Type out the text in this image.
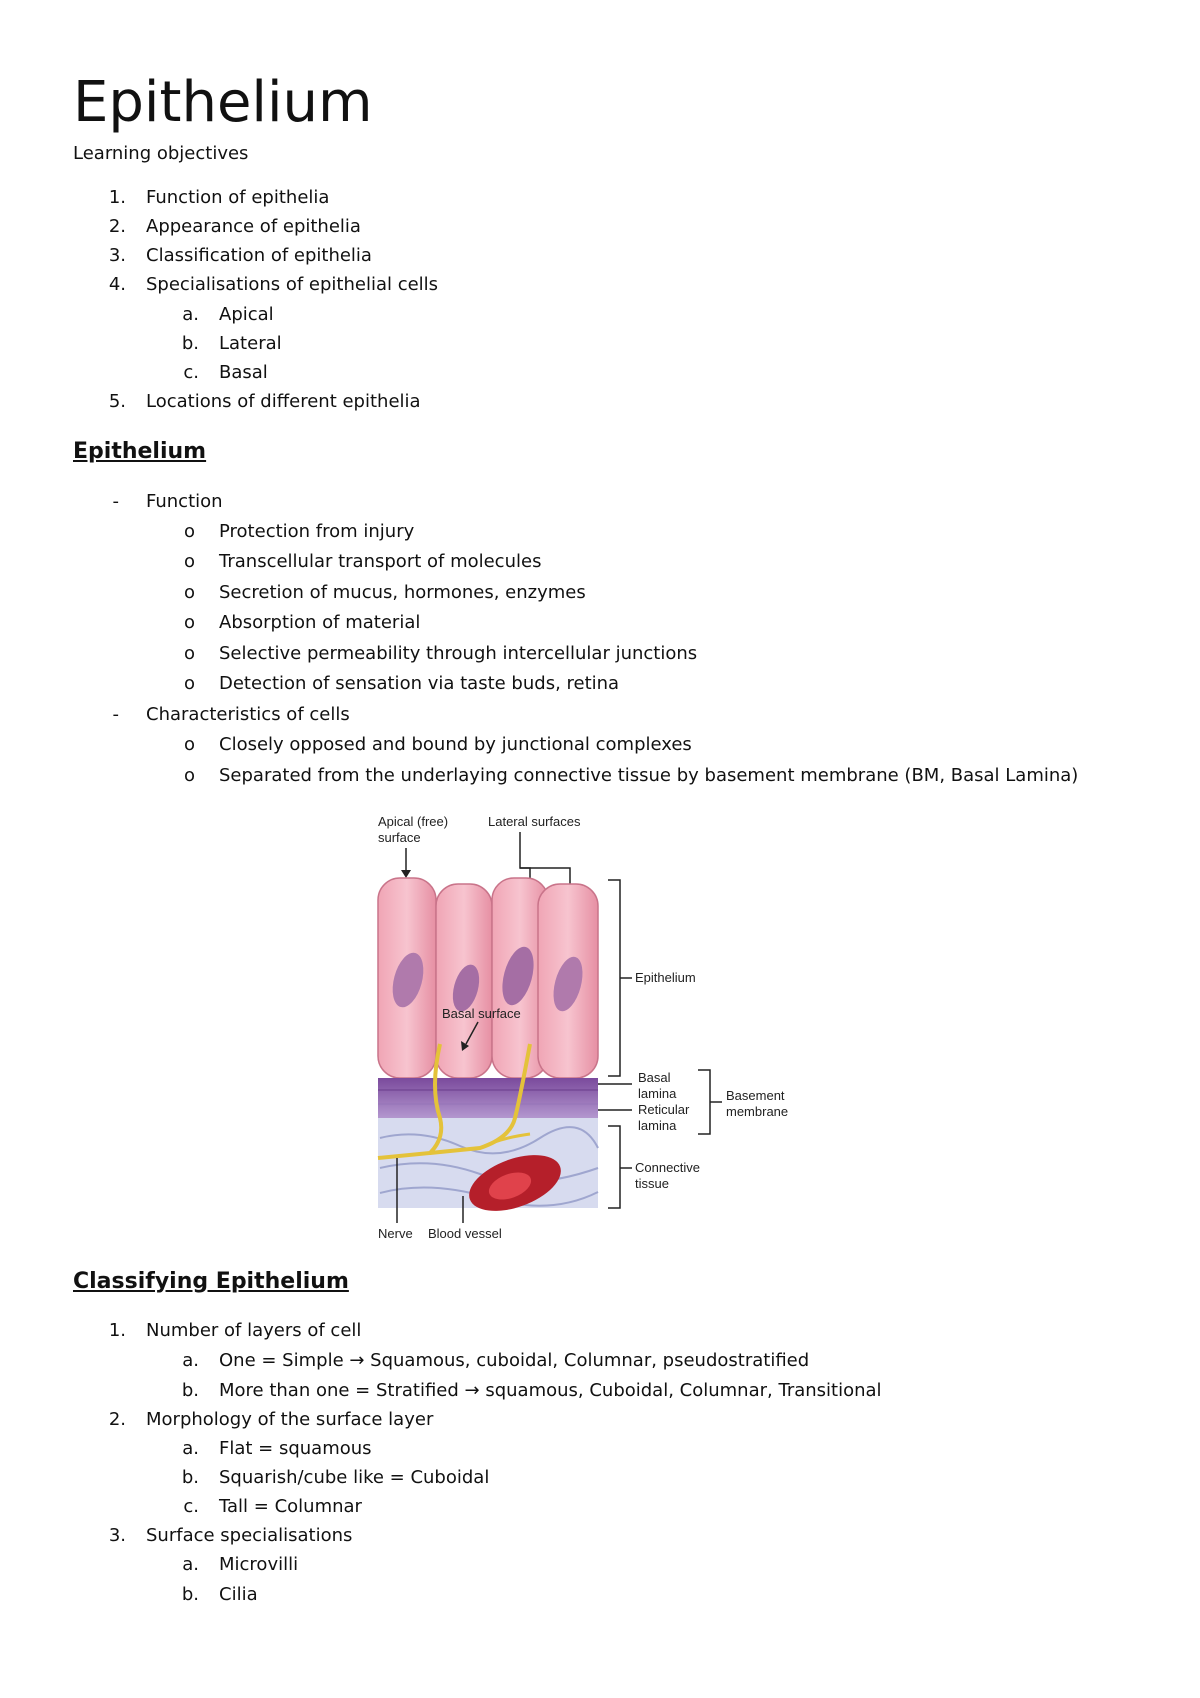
Epithelium
Learning objectives
1. Function of epithelia
2. Appearance of epithelia
3. Classification of epithelia
4. Specialisations of epithelial cells
a. Apical
b. Lateral
c. Basal
5. Locations of different epithelia
Epithelium
- Function
o Protection from injury
o Transcellular transport of molecules
o Secretion of mucus, hormones, enzymes
o Absorption of material
o Selective permeability through intercellular junctions
o Detection of sensation via taste buds, retina
- Characteristics of cells
o Closely opposed and bound by junctional complexes
o Separated from the underlaying connective tissue by basement membrane (BM, Basal Lamina)
Apical (free)
surface
Lateral surfaces
Basal surface
Nerve Blood vessel
Epithelium
Basal
lamina
Reticular
lamina
Basement
membrane
Connective
tissue
Classifying Epithelium
1. Number of layers of cell
a. One = Simple → Squamous, cuboidal, Columnar, pseudostratified
b. More than one = Stratified → squamous, Cuboidal, Columnar, Transitional
2. Morphology of the surface layer
a. Flat = squamous
b. Squarish/cube like = Cuboidal
c. Tall = Columnar
3. Surface specialisations
a. Microvilli
b. Cilia
